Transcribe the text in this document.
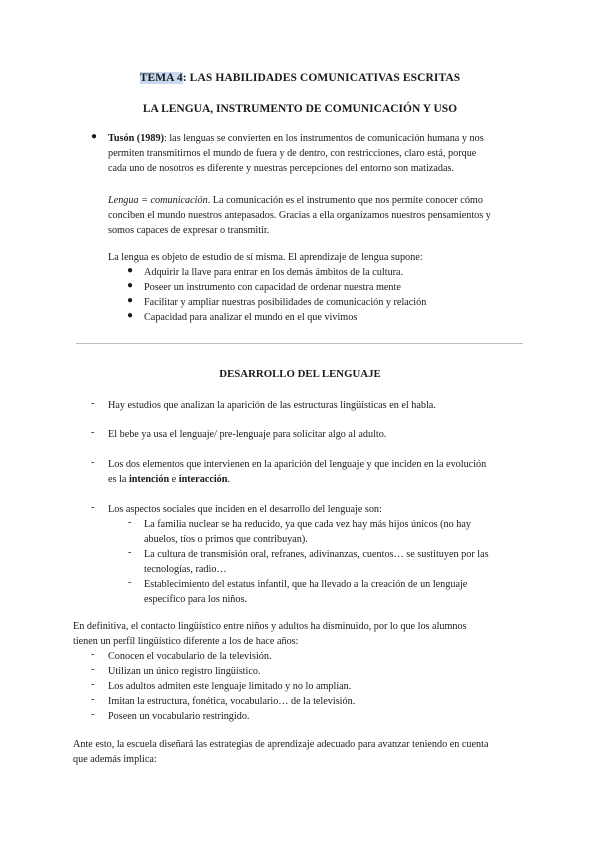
TEMA 4: LAS HABILIDADES COMUNICATIVAS ESCRITAS
LA LENGUA, INSTRUMENTO DE COMUNICACIÓN Y USO
● Tusón (1989): las lenguas se convierten en los instrumentos de comunicación humana y nos

permiten transmitirnos el mundo de fuera y de dentro, con restricciones, claro está, porque

cada uno de nosotros es diferente y nuestras percepciones del entorno son matizadas.

Lengua = comunicación. La comunicación es el instrumento que nos permite conocer cómo

conciben el mundo nuestros antepasados. Gracias a ella organizamos nuestros pensamientos y

somos capaces de expresar o transmitir.

La lengua es objeto de estudio de sí misma. El aprendizaje de lengua supone:

● Adquirir la llave para entrar en los demás ámbitos de la cultura.

● Poseer un instrumento con capacidad de ordenar nuestra mente

● Facilitar y ampliar nuestras posibilidades de comunicación y relación

● Capacidad para analizar el mundo en el que vivimos

DESARROLLO DEL LENGUAJE
- Hay estudios que analizan la aparición de las estructuras lingüísticas en el habla.

- El bebe ya usa el lenguaje/ pre-lenguaje para solicitar algo al adulto.

- Los dos elementos que intervienen en la aparición del lenguaje y que inciden en la evolución

es la intención e interacción.

- Los aspectos sociales que inciden en el desarrollo del lenguaje son:

- La familia nuclear se ha reducido, ya que cada vez hay más hijos únicos (no hay

abuelos, tíos o primos que contribuyan).

- La cultura de transmisión oral, refranes, adivinanzas, cuentos… se sustituyen por las

tecnologías, radio…

- Establecimiento del estatus infantil, que ha llevado a la creación de un lenguaje

específico para los niños.

En definitiva, el contacto lingüístico entre niños y adultos ha disminuido, por lo que los alumnos

tienen un perfil lingüístico diferente a los de hace años:

- Conocen el vocabulario de la televisión.

- Utilizan un único registro lingüístico.

- Los adultos admiten este lenguaje limitado y no lo amplían.

- Imitan la estructura, fonética, vocabulario… de la televisión.

- Poseen un vocabulario restringido.

Ante esto, la escuela diseñará las estrategias de aprendizaje adecuado para avanzar teniendo en cuenta

que además implica:
